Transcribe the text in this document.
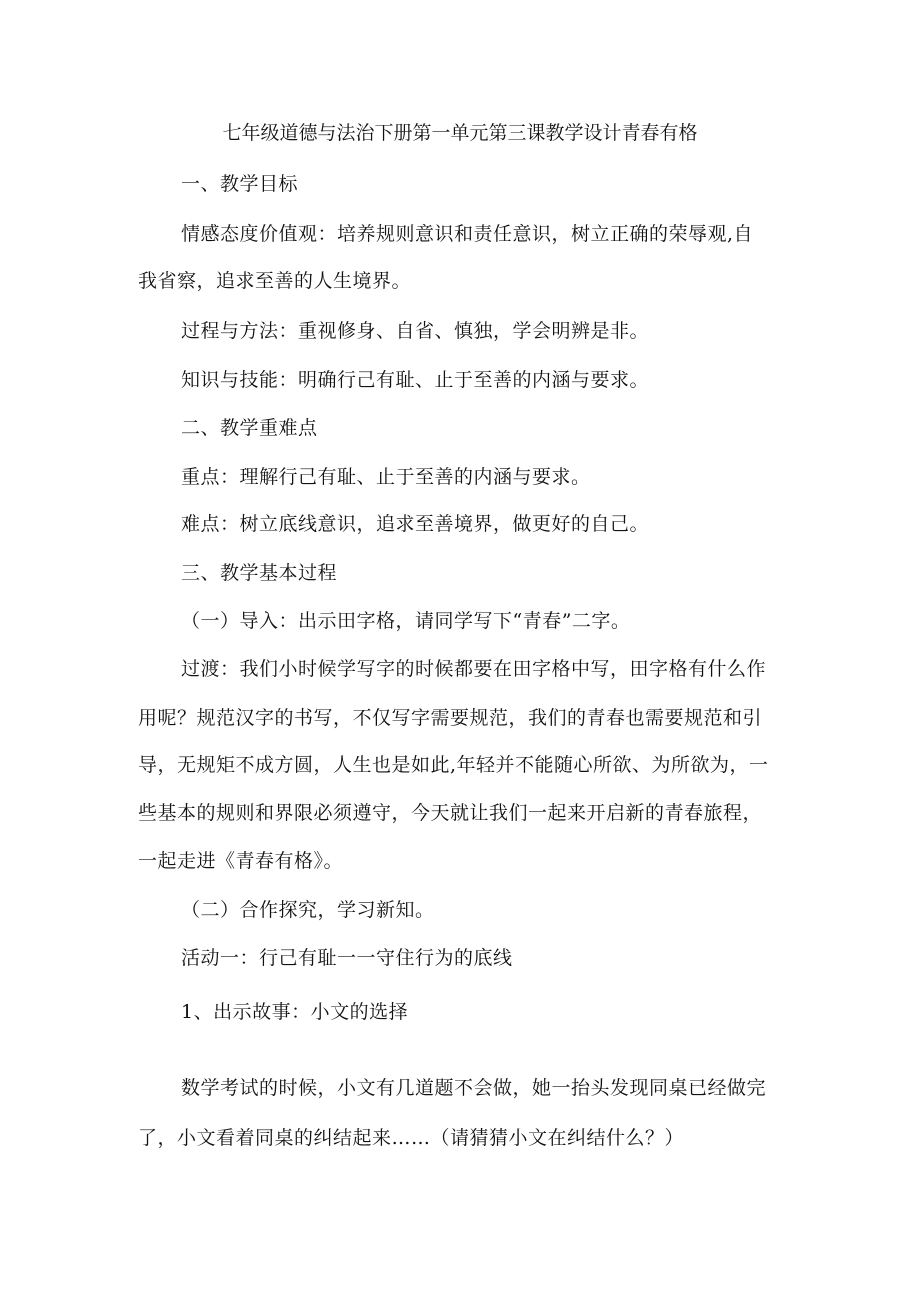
七年级道德与法治下册第一单元第三课教学设计青春有格
一、教学目标
情感态度价值观：培养规则意识和责任意识，树立正确的荣辱观,自
我省察，追求至善的人生境界。
过程与方法：重视修身、自省、慎独，学会明辨是非。
知识与技能：明确行己有耻、止于至善的内涵与要求。
二、教学重难点
重点：理解行己有耻、止于至善的内涵与要求。
难点：树立底线意识，追求至善境界，做更好的自己。
三、教学基本过程
（一）导入：出示田字格，请同学写下“青春”二字。
过渡：我们小时候学写字的时候都要在田字格中写，田字格有什么作
用呢？规范汉字的书写，不仅写字需要规范，我们的青春也需要规范和引
导，无规矩不成方圆，人生也是如此,年轻并不能随心所欲、为所欲为，一
些基本的规则和界限必须遵守，今天就让我们一起来开启新的青春旅程，
一起走进《青春有格》。
（二）合作探究，学习新知。
活动一：行己有耻一一守住行为的底线
1、出示故事：小文的选择
数学考试的时候，小文有几道题不会做，她一抬头发现同桌已经做完
了，小文看着同桌的纠结起来……（请猜猜小文在纠结什么？）
